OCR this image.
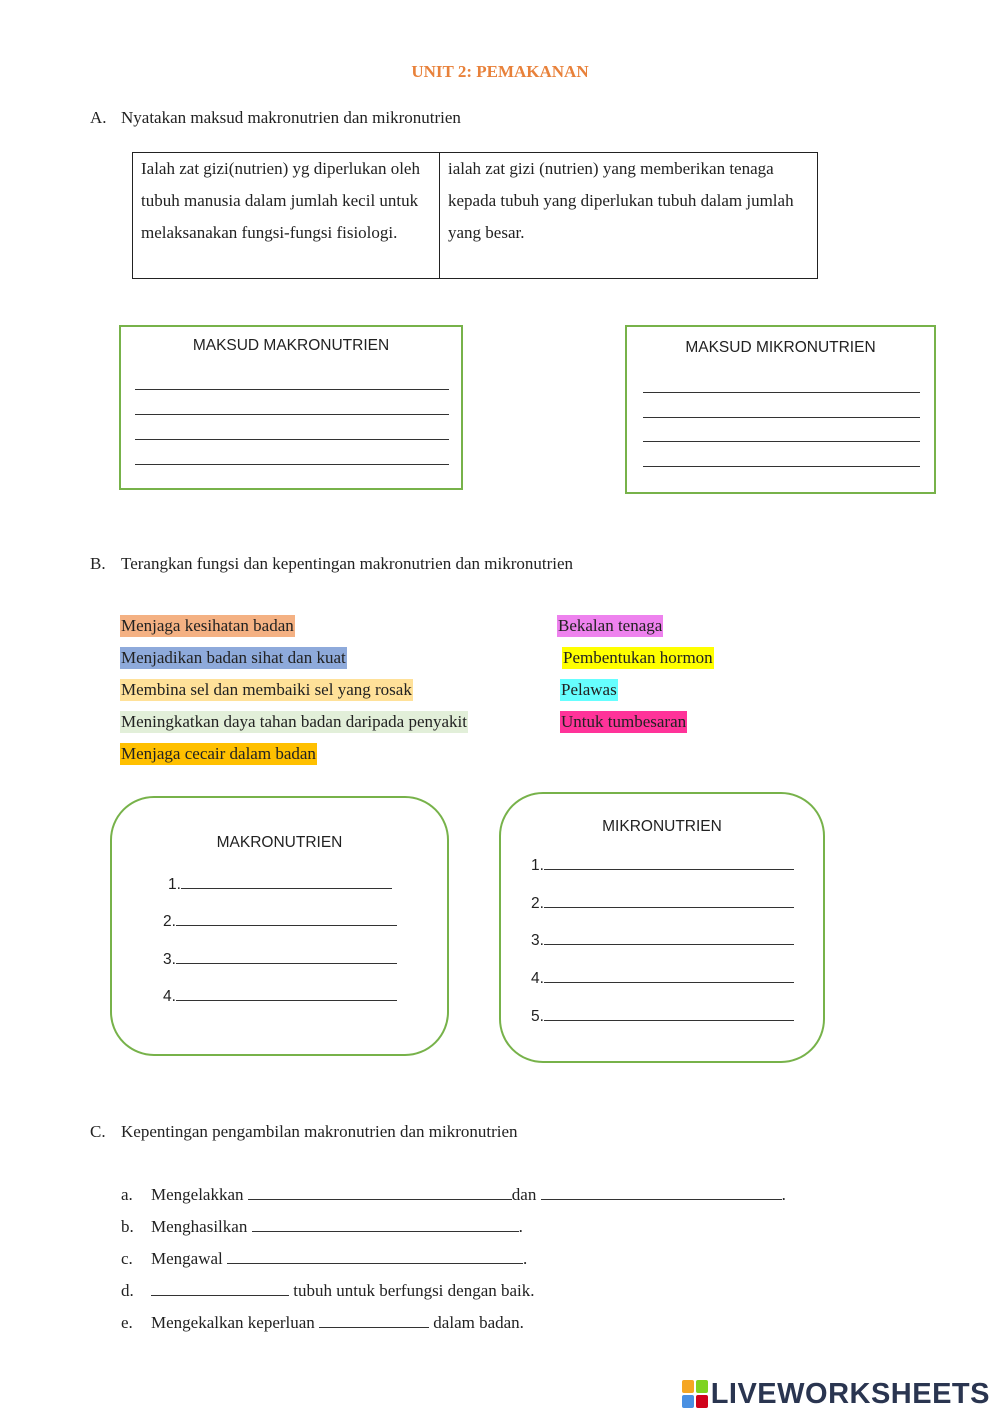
UNIT 2: PEMAKANAN
A. Nyatakan maksud makronutrien dan mikronutrien
Ialah zat gizi(nutrien) yg diperlukan oleh tubuh manusia dalam jumlah kecil untuk melaksanakan fungsi-fungsi fisiologi.
ialah zat gizi (nutrien) yang memberikan tenaga kepada tubuh yang diperlukan tubuh dalam jumlah yang besar.
MAKSUD MAKRONUTRIEN	MAKSUD MIKRONUTRIEN
B. Terangkan fungsi dan kepentingan makronutrien dan mikronutrien
Menjaga kesihatan badan
Menjadikan badan sihat dan kuat
Membina sel dan membaiki sel yang rosak
Meningkatkan daya tahan badan daripada penyakit
Menjaga cecair dalam badan
Bekalan tenaga
Pembentukan hormon
Pelawas
Untuk tumbesaran
MAKRONUTRIEN
1.
2.
3.
4.
MIKRONUTRIEN
1.
2.
3.
4.
5.
C. Kepentingan pengambilan makronutrien dan mikronutrien
a. Mengelakkan	dan	.
b. Menghasilkan	.
c. Mengawal	.
d.	tubuh untuk berfungsi dengan baik.
e. Mengekalkan keperluan	dalam badan.
LIVEWORKSHEETS
